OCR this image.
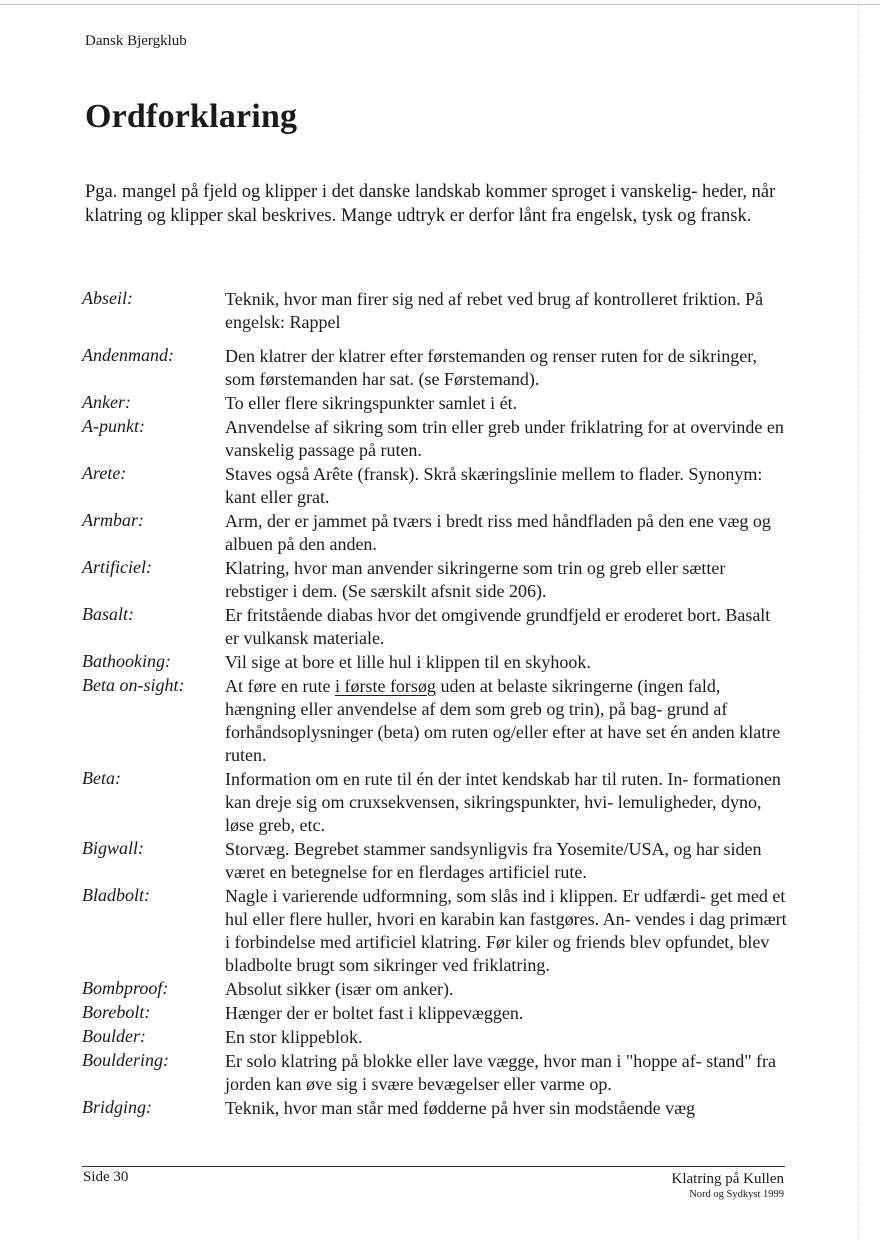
Dansk Bjergklub
Ordforklaring

Pga. mangel på fjeld og klipper i det danske landskab kommer sproget i vanskelig- heder, når klatring og klipper skal beskrives. Mange udtryk er derfor lånt fra engelsk, tysk og fransk.

Abseil:	Teknik, hvor man firer sig ned af rebet ved brug af kontrolleret friktion. På engelsk: Rappel
Andenmand:	Den klatrer der klatrer efter førstemanden og renser ruten for de sikringer, som førstemanden har sat. (se Førstemand).
Anker:	To eller flere sikringspunkter samlet i ét.
A-punkt:	Anvendelse af sikring som trin eller greb under friklatring for at overvinde en vanskelig passage på ruten.
Arete:	Staves også Arête (fransk). Skrå skæringslinie mellem to flader. Synonym: kant eller grat.
Armbar:	Arm, der er jammet på tværs i bredt riss med håndfladen på den ene væg og albuen på den anden.
Artificiel:	Klatring, hvor man anvender sikringerne som trin og greb eller sætter rebstiger i dem. (Se særskilt afsnit side 206).
Basalt:	Er fritstående diabas hvor det omgivende grundfjeld er eroderet bort. Basalt er vulkansk materiale.
Bathooking:	Vil sige at bore et lille hul i klippen til en skyhook.
Beta on-sight:	At føre en rute i første forsøg uden at belaste sikringerne (ingen fald, hængning eller anvendelse af dem som greb og trin), på bag- grund af forhåndsoplysninger (beta) om ruten og/eller efter at have set én anden klatre ruten.
Beta:	Information om en rute til én der intet kendskab har til ruten. In- formationen kan dreje sig om cruxsekvensen, sikringspunkter, hvi- lemuligheder, dyno, løse greb, etc.
Bigwall:	Storvæg. Begrebet stammer sandsynligvis fra Yosemite/USA, og har siden været en betegnelse for en flerdages artificiel rute.
Bladbolt:	Nagle i varierende udformning, som slås ind i klippen. Er udfærdi- get med et hul eller flere huller, hvori en karabin kan fastgøres. An- vendes i dag primært i forbindelse med artificiel klatring. Før kiler og friends blev opfundet, blev bladbolte brugt som sikringer ved friklatring.
Bombproof:	Absolut sikker (især om anker).
Borebolt:	Hænger der er boltet fast i klippevæggen.
Boulder:	En stor klippeblok.
Bouldering:	Er solo klatring på blokke eller lave vægge, hvor man i "hoppe af- stand" fra jorden kan øve sig i svære bevægelser eller varme op.
Bridging:	Teknik, hvor man står med fødderne på hver sin modstående væg
Side 30	Klatring på Kullen
Nord og Sydkyst 1999
